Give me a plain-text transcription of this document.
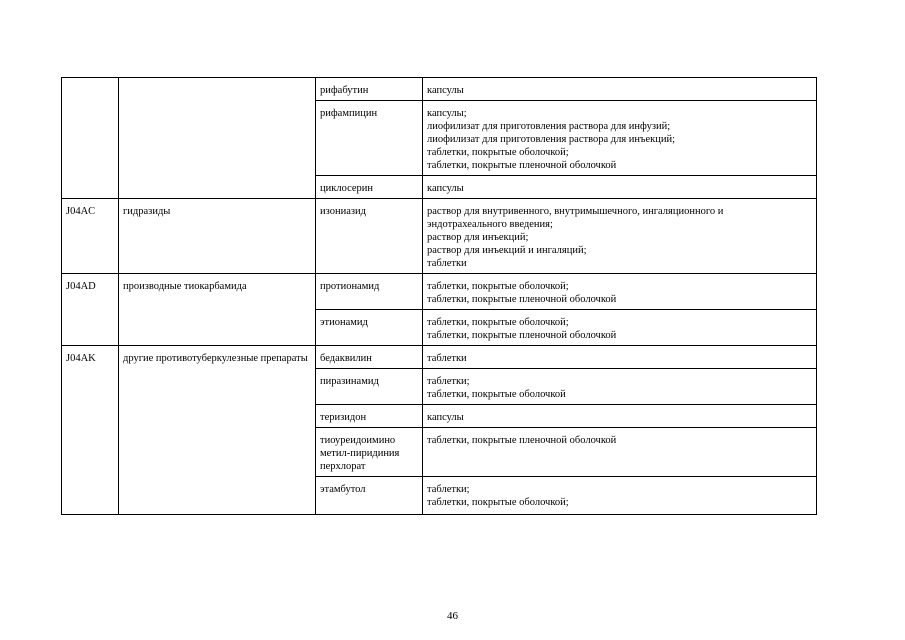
		рифабутин	капсулы

		рифампицин	капсулы;
лиофилизат для приготовления раствора для инфузий;
лиофилизат для приготовления раствора для инъекций;
таблетки, покрытые оболочкой;
таблетки, покрытые пленочной оболочкой

		циклосерин	капсулы

J04AC	гидразиды	изониазид	раствор для внутривенного, внутримышечного, ингаляционного и
эндотрахеального введения;
раствор для инъекций;
раствор для инъекций и ингаляций;
таблетки

J04AD	производные тиокарбамида	протионамид	таблетки, покрытые оболочкой;
таблетки, покрытые пленочной оболочкой

		этионамид	таблетки, покрытые оболочкой;
таблетки, покрытые пленочной оболочкой

J04AK	другие противотуберкулезные препараты	бедаквилин	таблетки

		пиразинамид	таблетки;
таблетки, покрытые оболочкой

		теризидон	капсулы

		тиоуреидоимино метил-пиридиния перхлорат	таблетки, покрытые пленочной оболочкой

		этамбутол	таблетки;
таблетки, покрытые оболочкой;
46
